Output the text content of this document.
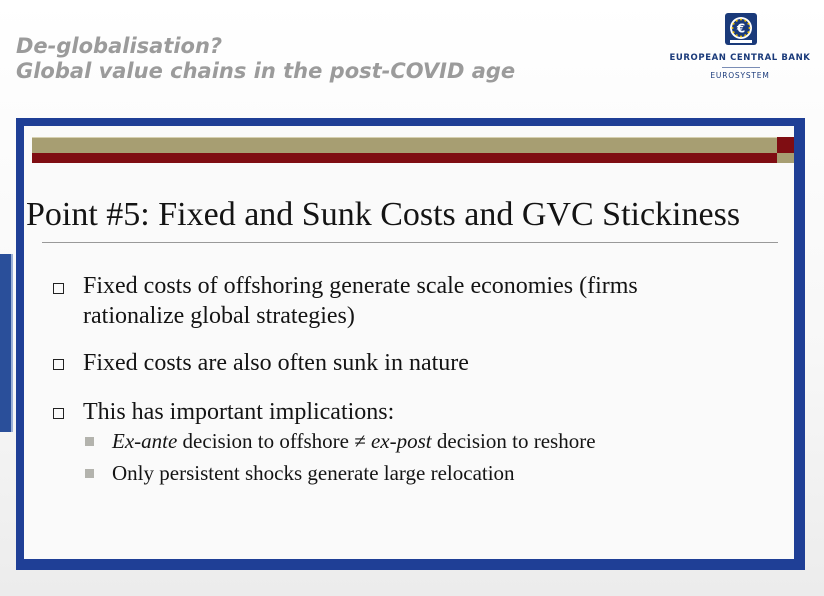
De-globalisation?
Global value chains in the post-COVID age
€
EUROPEAN CENTRAL BANK
EUROSYSTEM
Point #5: Fixed and Sunk Costs and GVC Stickiness
Fixed costs of offshoring generate scale economies (firms
rationalize global strategies)
Fixed costs are also often sunk in nature
This has important implications:
Ex-ante decision to offshore ≠ ex-post decision to reshore
Only persistent shocks generate large relocation
